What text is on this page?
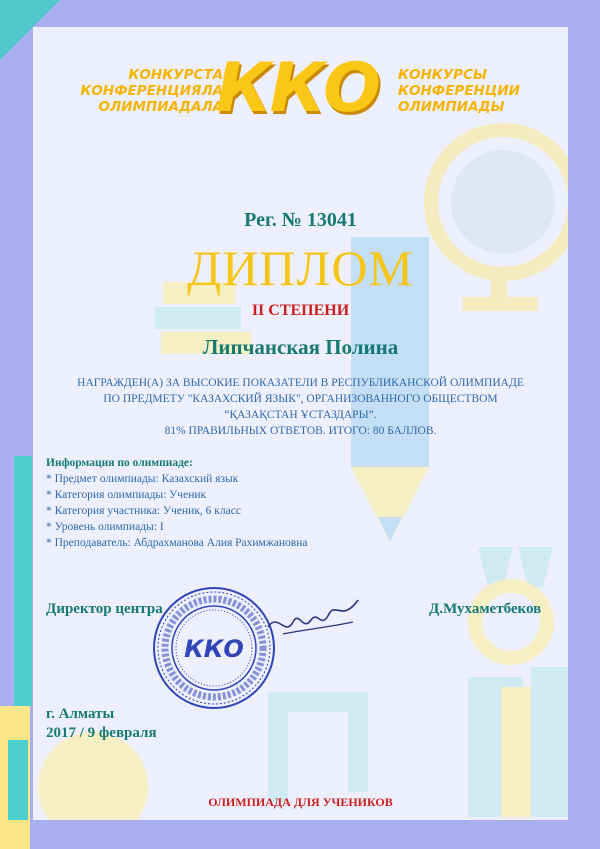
КОНКУРСТАР
КОНФЕРЕНЦИЯЛАР
ОЛИМПИАДАЛАР
ККО КОНКУРСЫ
КОНФЕРЕНЦИИ
ОЛИМПИАДЫ
Рег. № 13041
ДИПЛОМ
II СТЕПЕНИ
Липчанская Полина
НАГРАЖДЕН(А) ЗА ВЫСОКИЕ ПОКАЗАТЕЛИ В РЕСПУБЛИКАНСКОЙ ОЛИМПИАДЕ
ПО ПРЕДМЕТУ "КАЗАХСКИЙ ЯЗЫК", ОРГАНИЗОВАННОГО ОБЩЕСТВОМ
“ҚАЗАҚСТАН ҰСТАЗДАРЫ”.
81% ПРАВИЛЬНЫХ ОТВЕТОВ. ИТОГО: 80 БАЛЛОВ.
Информация по олимпиаде:
* Предмет олимпиады: Казахский язык
* Категория олимпиады: Ученик
* Категория участника: Ученик, 6 класс
* Уровень олимпиады: I
* Преподаватель: Абдрахманова Алия Рахимжановна
Директор центра	Д.Мухаметбеков
ККО
г. Алматы
2017 / 9 февраля
ОЛИМПИАДА ДЛЯ УЧЕНИКОВ
